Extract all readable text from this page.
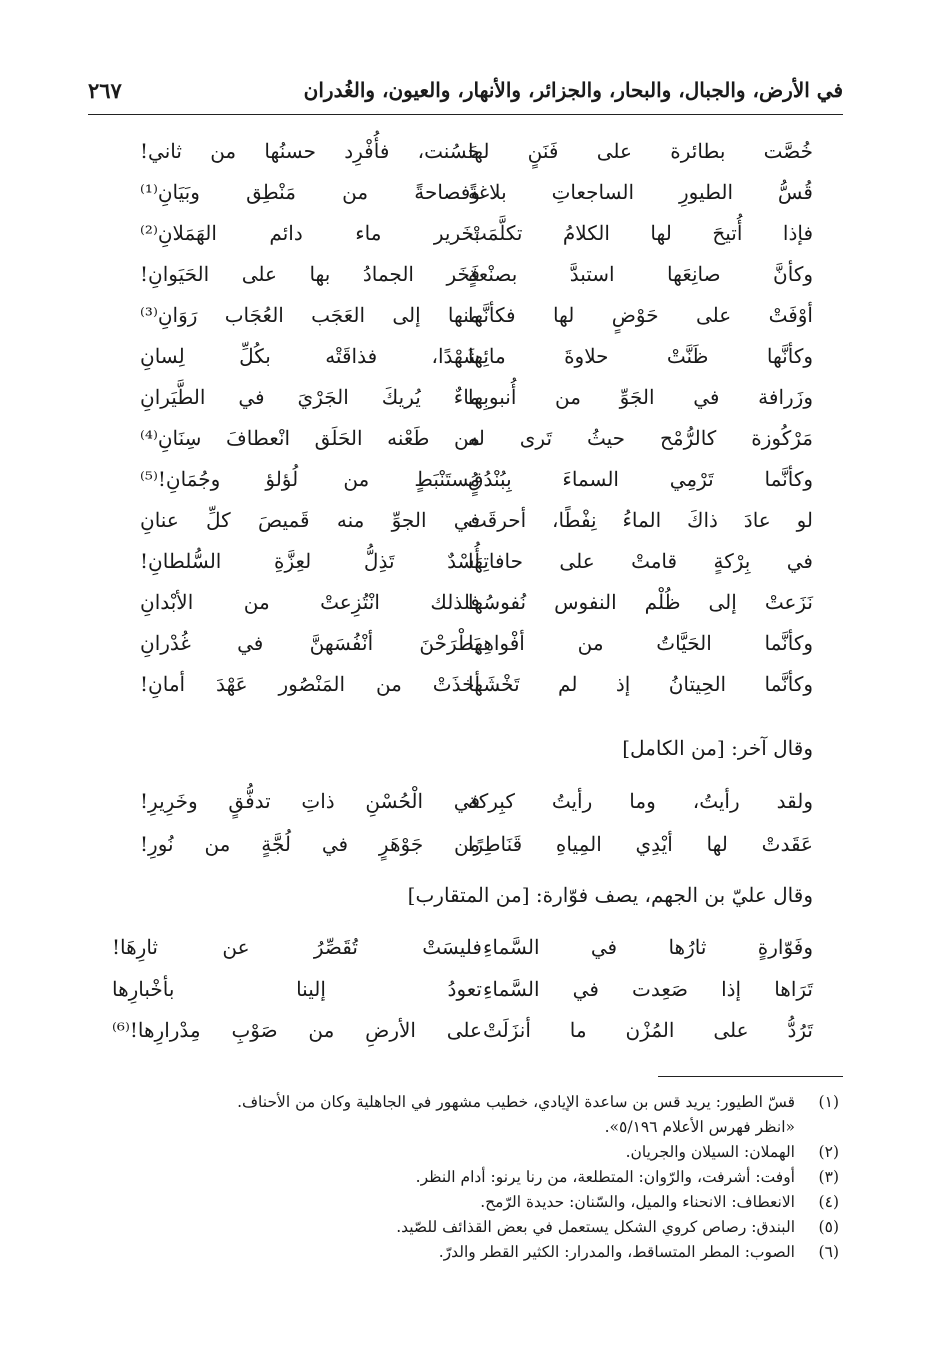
في الأرض، والجبال، والبحار، والجزائر، والأنهار، والعيون، والغُدران
٢٦٧
خُصَّت بطائرة على فَنَنٍ لها
حَسُنت، فأُفْرِد حسنُها من ثاني!
قُسُّ الطيورِ الساجعاتِ بلاغةً
وفصاحةً من مَنْطِق وبَيَانِ⁽¹⁾
فإذا أُتيحَ لها الكلامُ تكلَّمَتْ
بخَرير ماء دائم الهَمَلانِ⁽²⁾
وكأنَّ صانِعَها استبدَّ بصنْعةٍ
فَخَر الجمادُ بها على الحَيَوانِ!
أوْفَتْ على حَوْضٍ لها فكأنَّها
منها إلى العَجَب العُجَاب رَوَانِ⁽³⁾
وكأنَّها ظَنَّتْ حلاوةَ مائِها
شَهْدًا، فذاقَتْه بكُلِّ لِسانِ
وزَرافة في الجَوِّ من أُنبوبِها
ماءٌ يُريكَ الجَرْيَ في الطَّيَرانِ
مَرْكُوزة كالرُّمْح حيثُ تَرى له
من طَعْنه الحَلَق انْعطافَ سِنَانِ⁽⁴⁾
وكأنَّما تَرْمِي السماءَ بِبُنْدُقٍ
مُستَنْبَطٍ من لُؤلؤ وجُمَانِ!⁽⁵⁾
لو عادَ ذاكَ الماءُ نِفْطًا، أحرقَت
في الجوِّ منه قَميصَ كلِّ عنانِ
في بِرْكةٍ قامتْ على حافاتِهَا
أُسْدٌ تَذِلُّ لعِزَّةِ السُّلطانِ!
نَزَعتْ إلى ظُلْم النفوس نُفوسُها
فلذلك انْتُزِعتْ من الأبْدانِ
وكأنَّما الحَيَّاتُ من أفْواهِها
يَطْرَحْنَ أنْفُسَهنَّ في غُدْرانِ
وكأنَّما الحِيتانُ إذ لم تَخْشَها
أخذَتْ من المَنْصُور عَهْدَ أمانِ!
وقال آخر: [من الكامل]
ولقد رأيتُ، وما رأيتُ كبِركة
في الْحُسْنِ ذاتِ تدفُّقٍ وخَرِيرِ!
عَقَدتْ لها أيْدِي المِياهِ قَنَاطِرًا
من جَوْهَرٍ في لُجَّةٍ من نُورِ!
وقال عليّ بن الجهم، يصف فوّارة: [من المتقارب]
وفَوّارةٍ ثارُها في السَّماءِ
فليسَتْ تُقَصِّرُ عن ثارِهَا!
تَرَاها إذا صَعِدت في السَّماءِ
تعودُ إلينا بأخْبارِها
تَرُدُّ على المُزْن ما أنزَلَتْ
على الأرضِ من صَوْبِ مِدْرارِها!⁽⁶⁾
(١)
قسّ الطيور: يريد قس بن ساعدة الإيادي، خطيب مشهور في الجاهلية وكان من الأحناف.
«انظر فهرس الأعلام ٥/١٩٦».
(٢)
الهملان: السيلان والجريان.
(٣)
أوفت: أشرفت، والرّوان: المتطلعة، من رنا يرنو: أدام النظر.
(٤)
الانعطاف: الانحناء والميل، والسّنان: حديدة الرّمح.
(٥)
البندق: رصاص كروي الشكل يستعمل في بعض القذائف للصّيد.
(٦)
الصوب: المطر المتساقط، والمدرار: الكثير القطر والدرّ.
